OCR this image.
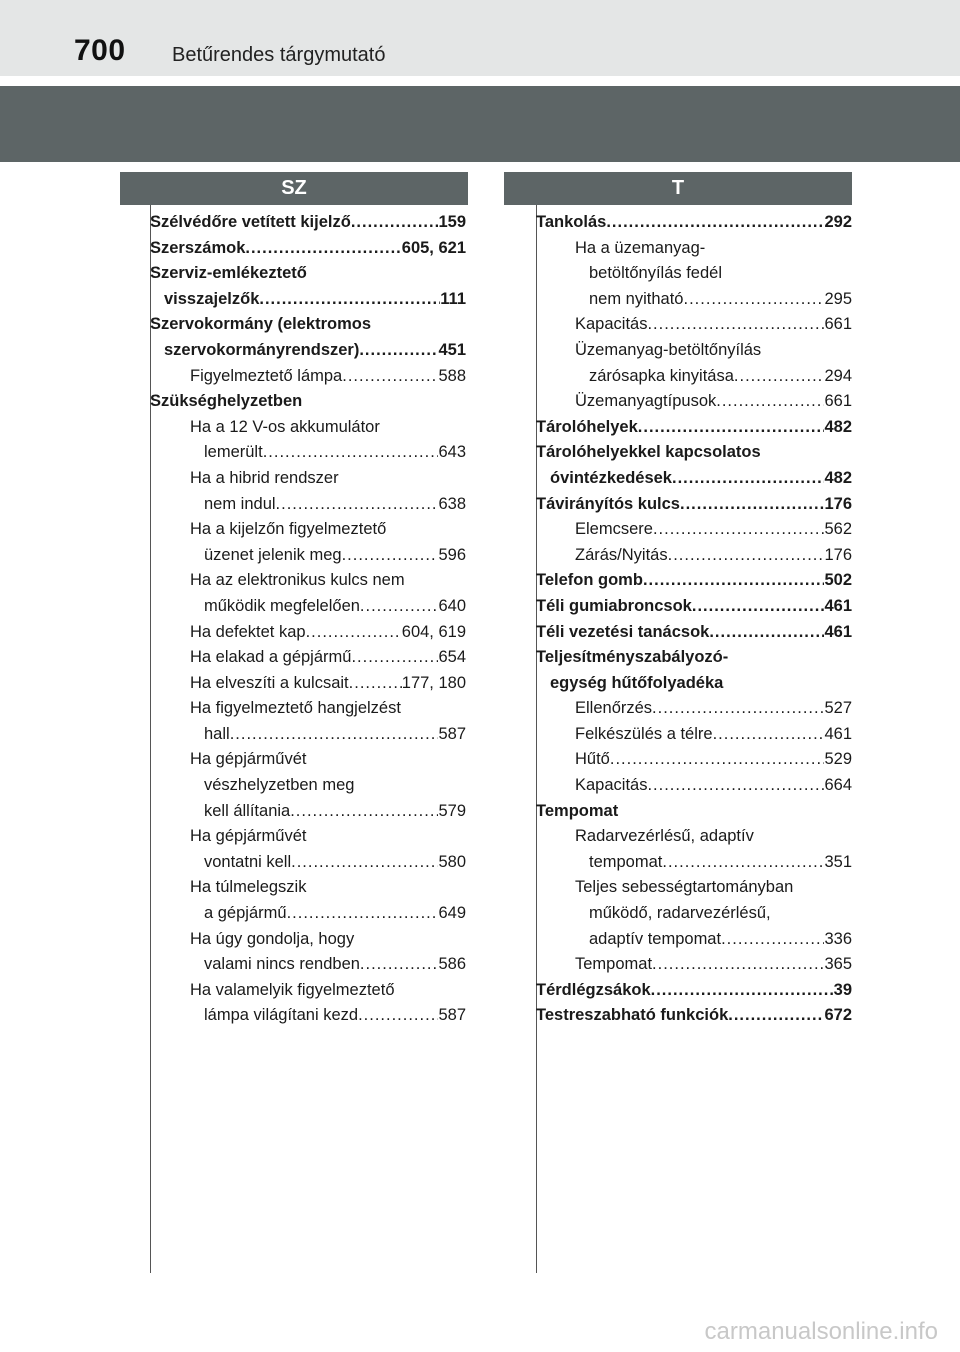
700 Betűrendes tárgymutató
SZ	T
Szélvédőre vetített kijelző .....	159
Szerszámok .....	605, 621
Szerviz-emlékeztető
visszajelzők .....	111
Szervokormány (elektromos
szervokormányrendszer) .....	451
Figyelmeztető lámpa .....	588
Szükséghelyzetben
Ha a 12 V-os akkumulátor
lemerült .....	643
Ha a hibrid rendszer
nem indul .....	638
Ha a kijelzőn figyelmeztető
üzenet jelenik meg .....	596
Ha az elektronikus kulcs nem
működik megfelelően .....	640
Ha defektet kap .....	604, 619
Ha elakad a gépjármű .....	654
Ha elveszíti a kulcsait .....	177, 180
Ha figyelmeztető hangjelzést
hall .....	587
Ha gépjárművét
vészhelyzetben meg
kell állítania .....	579
Ha gépjárművét
vontatni kell .....	580
Ha túlmelegszik
a gépjármű .....	649
Ha úgy gondolja, hogy
valami nincs rendben .....	586
Ha valamelyik figyelmeztető
lámpa világítani kezd .....	587
Tankolás .....	292
Ha a üzemanyag-
betöltőnyílás fedél
nem nyitható .....	295
Kapacitás .....	661
Üzemanyag-betöltőnyílás
zárósapka kinyitása .....	294
Üzemanyagtípusok .....	661
Tárolóhelyek .....	482
Tárolóhelyekkel kapcsolatos
óvintézkedések .....	482
Távirányítós kulcs .....	176
Elemcsere .....	562
Zárás/Nyitás .....	176
Telefon gomb .....	502
Téli gumiabroncsok .....	461
Téli vezetési tanácsok .....	461
Teljesítményszabályozó-
egység hűtőfolyadéka
Ellenőrzés .....	527
Felkészülés a télre .....	461
Hűtő .....	529
Kapacitás .....	664
Tempomat
Radarvezérlésű, adaptív
tempomat .....	351
Teljes sebességtartományban
működő, radarvezérlésű,
adaptív tempomat .....	336
Tempomat .....	365
Térdlégzsákok .....	39
Testreszabható funkciók .....	672
carmanualsonline.info
